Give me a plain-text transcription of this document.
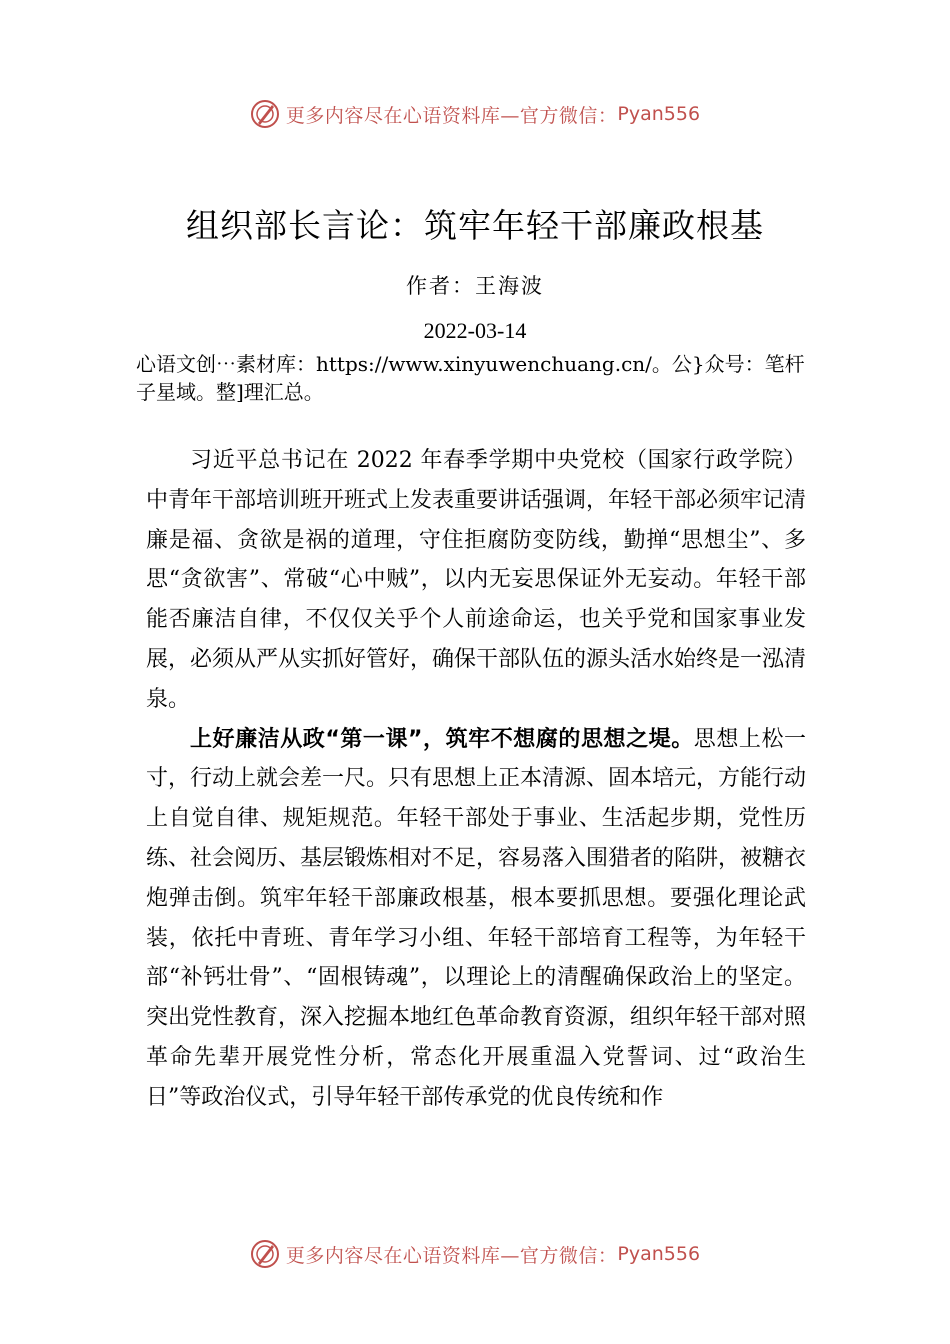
更多内容尽在心语资料库—官方微信： Pyan556
组织部长言论：筑牢年轻干部廉政根基
作者：王海波
2022-03-14
心语文创⋯素材库：https://www.xinyuwenchuang.cn/。公}众号：笔杆子星域。整]理汇总。

习近平总书记在 2022 年春季学期中央党校（国家行政学院）中青年干部培训班开班式上发表重要讲话强调，年轻干部必须牢记清廉是福、贪欲是祸的道理，守住拒腐防变防线，勤掸“思想尘”、多思“贪欲害”、常破“心中贼”，以内无妄思保证外无妄动。年轻干部能否廉洁自律，不仅仅关乎个人前途命运，也关乎党和国家事业发展，必须从严从实抓好管好，确保干部队伍的源头活水始终是一泓清泉。

上好廉洁从政“第一课”，筑牢不想腐的思想之堤。思想上松一寸，行动上就会差一尺。只有思想上正本清源、固本培元，方能行动上自觉自律、规矩规范。年轻干部处于事业、生活起步期，党性历练、社会阅历、基层锻炼相对不足，容易落入围猎者的陷阱，被糖衣炮弹击倒。筑牢年轻干部廉政根基，根本要抓思想。要强化理论武装，依托中青班、青年学习小组、年轻干部培育工程等，为年轻干部“补钙壮骨”、“固根铸魂”，以理论上的清醒确保政治上的坚定。突出党性教育，深入挖掘本地红色革命教育资源，组织年轻干部对照革命先辈开展党性分析，常态化开展重温入党誓词、过“政治生日”等政治仪式，引导年轻干部传承党的优良传统和作

更多内容尽在心语资料库—官方微信： Pyan556
